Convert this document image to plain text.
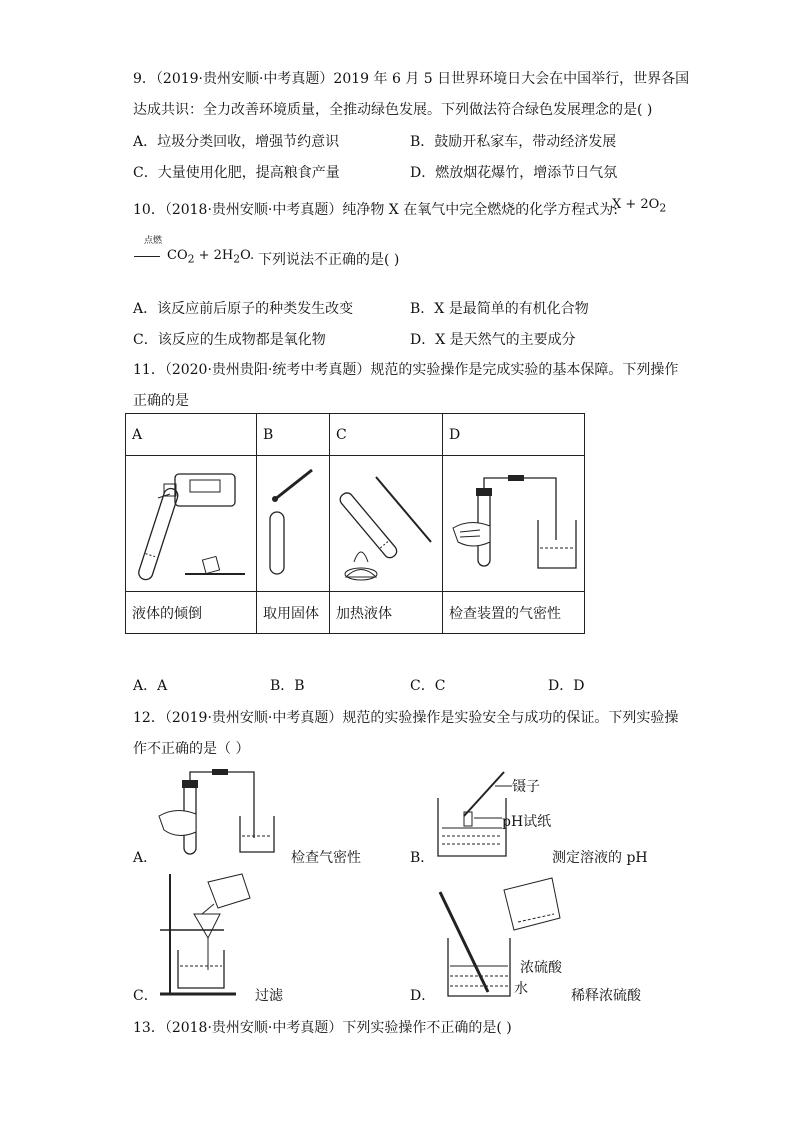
9．（2019·贵州安顺·中考真题）2019 年 6 月 5 日世界环境日大会在中国举行，世界各国
达成共识：全力改善环境质量，全推动绿色发展。下列做法符合绿色发展理念的是( )
A．垃圾分类回收，增强节约意识	B．鼓励开私家车，带动经济发展
C．大量使用化肥，提高粮食产量	D．燃放烟花爆竹，增添节日气氛
10．（2018·贵州安顺·中考真题）纯净物 X 在氧气中完全燃烧的化学方程式为:
$X + 2O_2$
点燃
$CO_2 + 2H_2O$. 下列说法不正确的是( )
A．该反应前后原子的种类发生改变	B．X 是最简单的有机化合物
C．该反应的生成物都是氧化物	D．X 是天然气的主要成分
11．（2020·贵州贵阳·统考中考真题）规范的实验操作是完成实验的基本保障。下列操作
正确的是
A	B	C	D

液体的倾倒	取用固体	加热液体	检查装置的气密性
A．A	B．B	C．C	D．D
12．（2019·贵州安顺·中考真题）规范的实验操作是实验安全与成功的保证。下列实验操
作不正确的是（ ）
A．	检查气密性	B．
镊子
pH试纸
测定溶液的 pH
C．	过滤	D．
浓硫酸
水	稀释浓硫酸
13．（2018·贵州安顺·中考真题）下列实验操作不正确的是( )
